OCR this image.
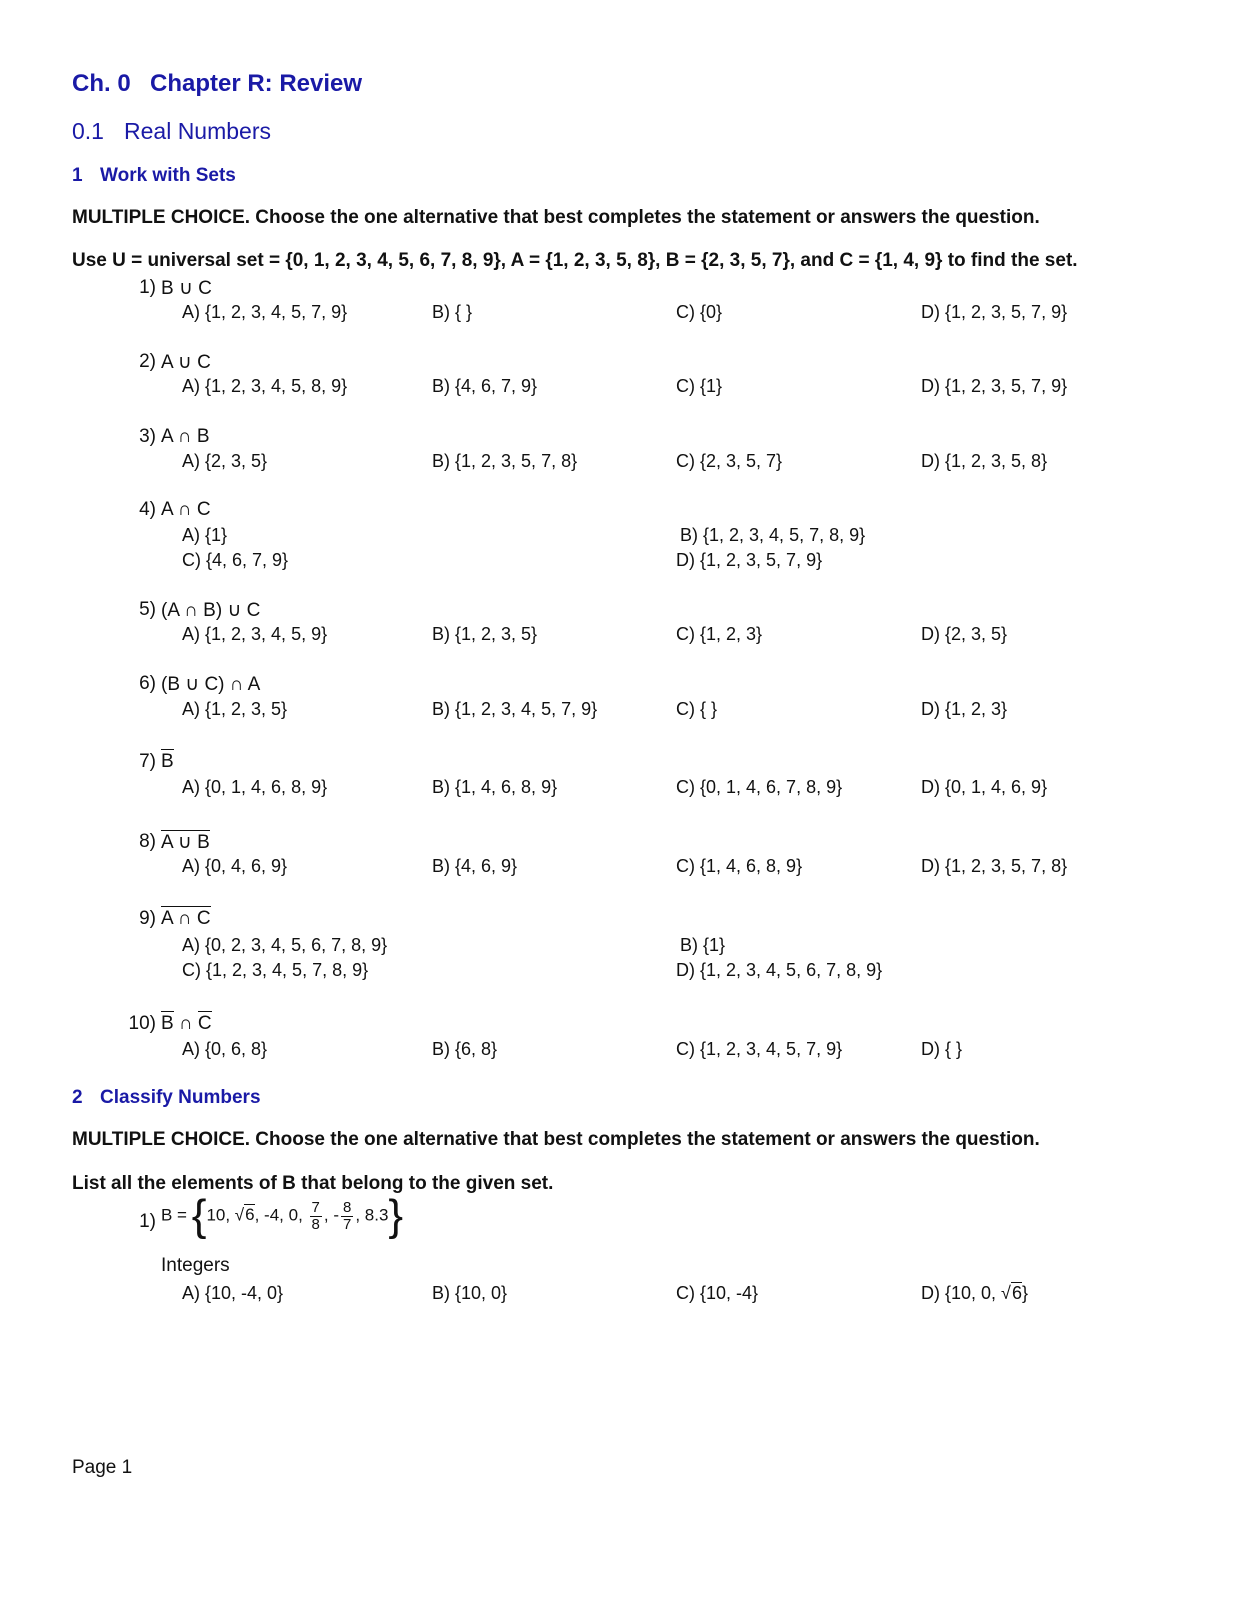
Ch. 0 Chapter R: Review
0.1 Real Numbers
1 Work with Sets
MULTIPLE CHOICE. Choose the one alternative that best completes the statement or answers the question.
Use U = universal set = {0, 1, 2, 3, 4, 5, 6, 7, 8, 9}, A = {1, 2, 3, 5, 8}, B = {2, 3, 5, 7}, and C = {1, 4, 9} to find the set.
1) B ∪ C
A) {1, 2, 3, 4, 5, 7, 9}	B) { }	C) {0}	D) {1, 2, 3, 5, 7, 9}
2) A ∪ C
A) {1, 2, 3, 4, 5, 8, 9}	B) {4, 6, 7, 9}	C) {1}	D) {1, 2, 3, 5, 7, 9}
3) A ∩ B
A) {2, 3, 5}	B) {1, 2, 3, 5, 7, 8}	C) {2, 3, 5, 7}	D) {1, 2, 3, 5, 8}
4) A ∩ C
A) {1}	B) {1, 2, 3, 4, 5, 7, 8, 9}
C) {4, 6, 7, 9}	D) {1, 2, 3, 5, 7, 9}
5) (A ∩ B) ∪ C
A) {1, 2, 3, 4, 5, 9}	B) {1, 2, 3, 5}	C) {1, 2, 3}	D) {2, 3, 5}
6) (B ∪ C) ∩ A
A) {1, 2, 3, 5}	B) {1, 2, 3, 4, 5, 7, 9}	C) { }	D) {1, 2, 3}
7) B
A) {0, 1, 4, 6, 8, 9}	B) {1, 4, 6, 8, 9}	C) {0, 1, 4, 6, 7, 8, 9}	D) {0, 1, 4, 6, 9}
8) A ∪ B
A) {0, 4, 6, 9}	B) {4, 6, 9}	C) {1, 4, 6, 8, 9}	D) {1, 2, 3, 5, 7, 8}
9) A ∩ C
A) {0, 2, 3, 4, 5, 6, 7, 8, 9}	B) {1}
C) {1, 2, 3, 4, 5, 7, 8, 9}	D) {1, 2, 3, 4, 5, 6, 7, 8, 9}
10) B ∩ C
A) {0, 6, 8}	B) {6, 8}	C) {1, 2, 3, 4, 5, 7, 9}	D) { }
2 Classify Numbers
MULTIPLE CHOICE. Choose the one alternative that best completes the statement or answers the question.
List all the elements of B that belong to the given set.
1) B = {10, √6, -4, 0, $\frac{7}{8}$ , - $\frac{8}{7}$ , 8.3}
Integers
A) {10, -4, 0}	B) {10, 0}	C) {10, -4}	D) {10, 0, √6}
Page 1
